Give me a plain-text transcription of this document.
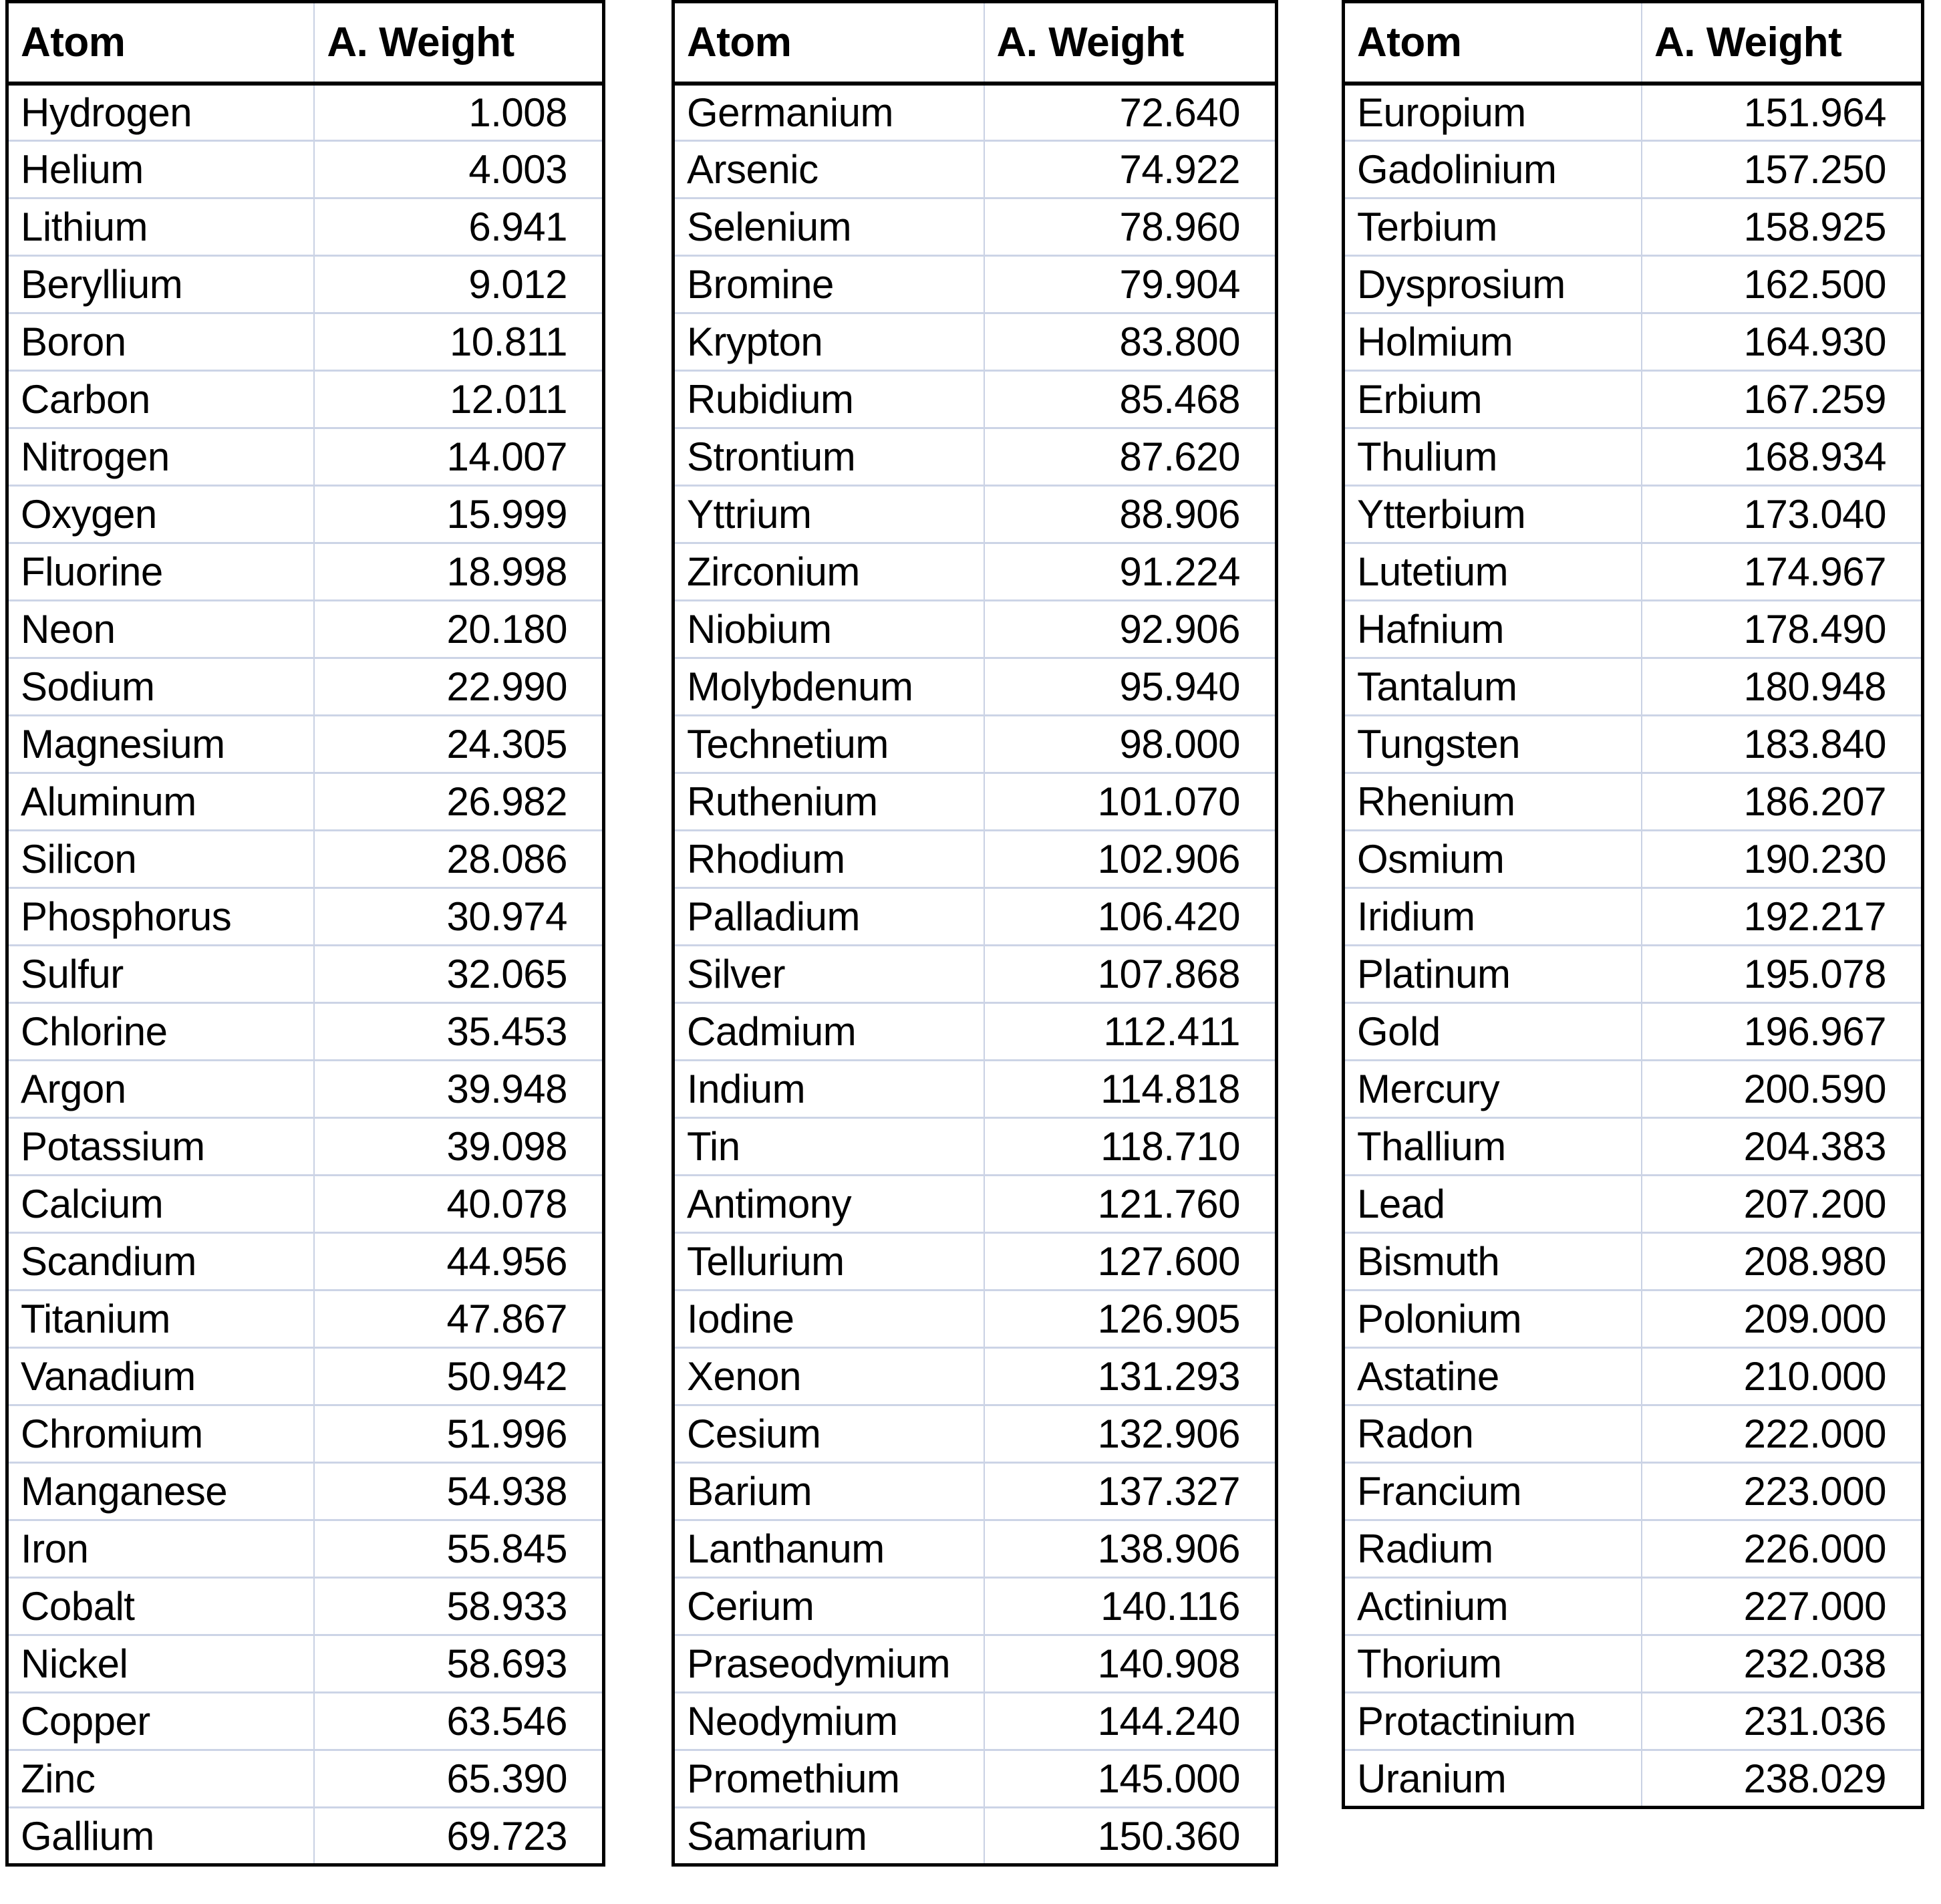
Atom	A. Weight
Hydrogen	1.008
Helium	4.003
Lithium	6.941
Beryllium	9.012
Boron	10.811
Carbon	12.011
Nitrogen	14.007
Oxygen	15.999
Fluorine	18.998
Neon	20.180
Sodium	22.990
Magnesium	24.305
Aluminum	26.982
Silicon	28.086
Phosphorus	30.974
Sulfur	32.065
Chlorine	35.453
Argon	39.948
Potassium	39.098
Calcium	40.078
Scandium	44.956
Titanium	47.867
Vanadium	50.942
Chromium	51.996
Manganese	54.938
Iron	55.845
Cobalt	58.933
Nickel	58.693
Copper	63.546
Zinc	65.390
Gallium	69.723
Atom	A. Weight
Germanium	72.640
Arsenic	74.922
Selenium	78.960
Bromine	79.904
Krypton	83.800
Rubidium	85.468
Strontium	87.620
Yttrium	88.906
Zirconium	91.224
Niobium	92.906
Molybdenum	95.940
Technetium	98.000
Ruthenium	101.070
Rhodium	102.906
Palladium	106.420
Silver	107.868
Cadmium	112.411
Indium	114.818
Tin	118.710
Antimony	121.760
Tellurium	127.600
Iodine	126.905
Xenon	131.293
Cesium	132.906
Barium	137.327
Lanthanum	138.906
Cerium	140.116
Praseodymium	140.908
Neodymium	144.240
Promethium	145.000
Samarium	150.360
Atom	A. Weight
Europium	151.964
Gadolinium	157.250
Terbium	158.925
Dysprosium	162.500
Holmium	164.930
Erbium	167.259
Thulium	168.934
Ytterbium	173.040
Lutetium	174.967
Hafnium	178.490
Tantalum	180.948
Tungsten	183.840
Rhenium	186.207
Osmium	190.230
Iridium	192.217
Platinum	195.078
Gold	196.967
Mercury	200.590
Thallium	204.383
Lead	207.200
Bismuth	208.980
Polonium	209.000
Astatine	210.000
Radon	222.000
Francium	223.000
Radium	226.000
Actinium	227.000
Thorium	232.038
Protactinium	231.036
Uranium	238.029
